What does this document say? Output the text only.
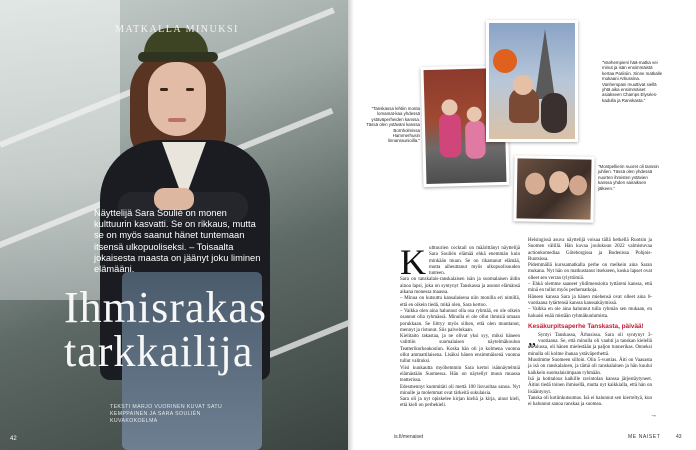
MATKALLA MINUKSI
Näyttelijä Sara Soulié on monen kulttuurin kasvatti. Se on rikkaus, mutta se on myös saanut hänet tuntemaan itsensä ulkopuoliseksi. – Toisaalta jokaisesta maasta on jäänyt joku liminen elämääni.
Ihmisrakas
tarkkailija
TEKSTI MARJO VUORINEN KUVAT SATU KEMPPAINEN JA SARA SOULIÉN KUVAKOKOELMA
42
"Tanskassa lehtiin monta lomamat-kaa yhdessä ystäväperheiden kanssa. Tässä olen ystäväni kanssa Bornholmissa Hammerhusin linnanraunioilla."
"Vanhempieni hää-matka vei minut ja isän ensimmäistä kertaa Pariisiin. Sinne matkalle mukaani Arkussina. Vanhempani muuttivat siellä yhtä aika ensimmäiset asiakseen Champs Elysées-kadulla ja Ranskasta."
"Montpellierin nuoret oli tanssin juhlien. Tässä olen yhdessä nuorten ihmisten ystävien kanssa yhden sairaiksen jälkeen."
K ulttuurien cocktail on määrittänyt näyttelijä Sara Soulién elämää ehkä enemmän kuin minkään muun. Se on rikastanut elämää, mutta aiheuttanut myös ulkopuolisuuden tunteen.

Sara on tanskalais-ranskalaisen isän ja suomalaisen äidin ainoa lapsi, joka on syntynyt Tanskassa ja asunut elämänsä aikana monessa maassa.

– Minua on kutsuttu kansalaisena niin monilla eri nimillä, että en oikein tiedä, mikä olen, Sara kertoo.

– Vaikka olen aina halunnut olla osa ryhmää, en ole oikein osannut olla ryhmässä. Minulla ei ole ollut ihmisiä omaan porukkaan. Se liittyy myös siihen, että olen muuttanut, mennyt ja ristunut. Siis palvelukaan.

Kielitaito rakastaa, ja ne olivat yksi syy, miksi häneen valittiin suomalaisen näytelmäkoulun Teatterikorkeakoulun. Koska hän oli jo kolmena vuonna ollut ammattilaisena. Lisäksi hänen ensimmäisenä vuonna tullut valituksi.

Viisi kuukautta myöhemmin Sara kertoi isännäytelmiä elämästään Suomessa. Hän on näytellyt muun muassa teatterissa.

Edesmennyt kummitäti oli mettä 100 lisvuoltaa sanoa. Nyt minulle ja molemmat ovat tärkeitä sukulaisia.

Sara oli ja nyt opiskelee kirjan kieliä ja kirja, ainut kieli, että kieli on perhekieli.

Helsingissä asuva näyttelijä voisaa tällä hetkellä Ruotsin ja Suomen välillä. Hän kuvaa joulukuun 2022 valmistuvaa actionkomediaa Göteborgissa ja Bodenissa Pohjois-Ruotsissa.

Pidemmällä kurssamatkalla perhe on melkein aina Saran mukana. Nyt hän on matkustanut itsekseen, koska lapset ovat olleet sen verran tylyttömiä.

– Ehkä olemme saaneet ylidimensioita tyttäreni kanssa, että minä en tullut myös perhematkoja.

Häneen kanssa Sara ja hänen miehensä ovat olleet aina 6-vuotiaana tytärtensä kanssa kanssakäymissä.

– Vaikka en ole aina halunnut tulla ryhmän sen mukaan, en haluaisi enää mistään ryhmäkuulumista.

Kesäkurpitsaperhe Tanskasta, päivää!
„ Syntyi Tanskassa, Århusissa. Sara oli syntynyt 3-vuotiaana. Se, että minulla oli vauhti ja tanskan kielellä oli alussa, oli hänen mielestään ja paljon tunnerikas. Onneksi minulla oli kolme ihanaa ystäväperhettä.

Muutimme Suomeen silloin. Olin 5-vuotias. Äiti on Vaasasta ja isä on ranskalainen, ja tämä oli ranskalainen ja hän kuului kaikkein suomalaisimpaan ryhmään.

Isä ja kotitalous kaikille ravintolan kanssa järjestäytyneet. Äitini tiedä toinen ihmisellä, mutta nyt kaikkialla, että hän on lisääntynyt.

Tanska oli kotiinkutsumus. Isä ei halunnut sen kierreltyä, kun ei halunnut sanoa ranskaa ja suomea.

→
is.fi/menaiset	ME NAISET	43
